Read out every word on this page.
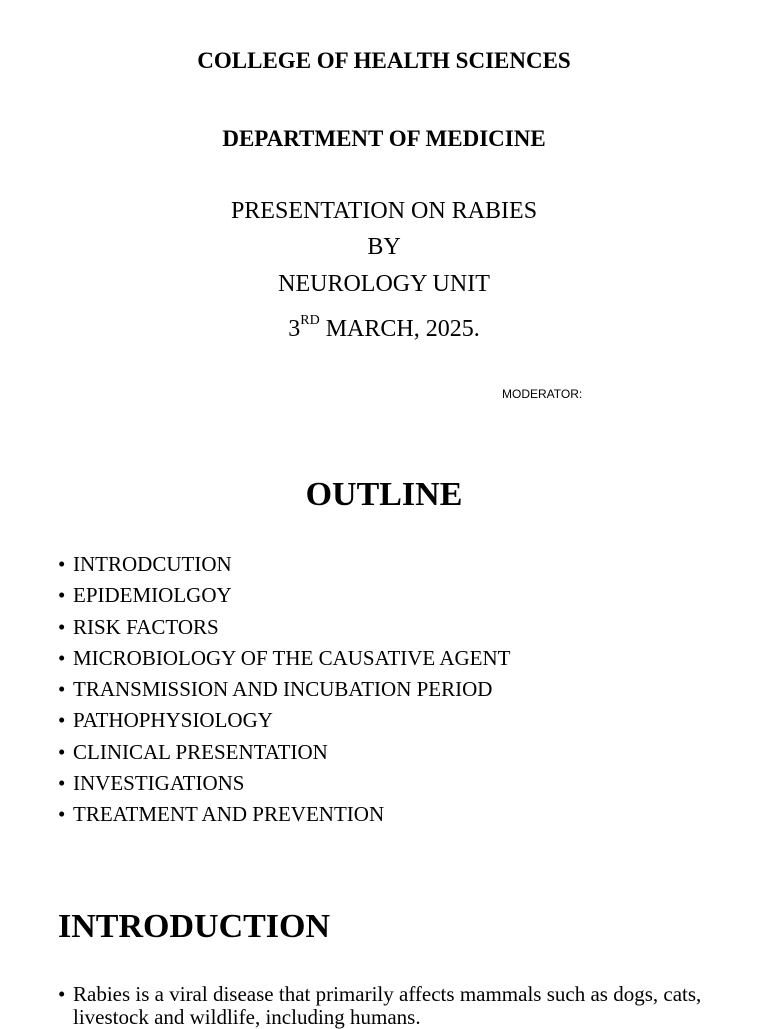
COLLEGE OF HEALTH SCIENCES
DEPARTMENT OF MEDICINE
PRESENTATION ON RABIES
BY
NEUROLOGY UNIT
3RD MARCH, 2025.
MODERATOR:
OUTLINE
• INTRODCUTION
• EPIDEMIOLGOY
• RISK FACTORS
• MICROBIOLOGY OF THE CAUSATIVE AGENT
• TRANSMISSION AND INCUBATION PERIOD
• PATHOPHYSIOLOGY
• CLINICAL PRESENTATION
• INVESTIGATIONS
• TREATMENT AND PREVENTION
INTRODUCTION
• Rabies is a viral disease that primarily affects mammals such as dogs, cats, livestock and wildlife, including humans.
